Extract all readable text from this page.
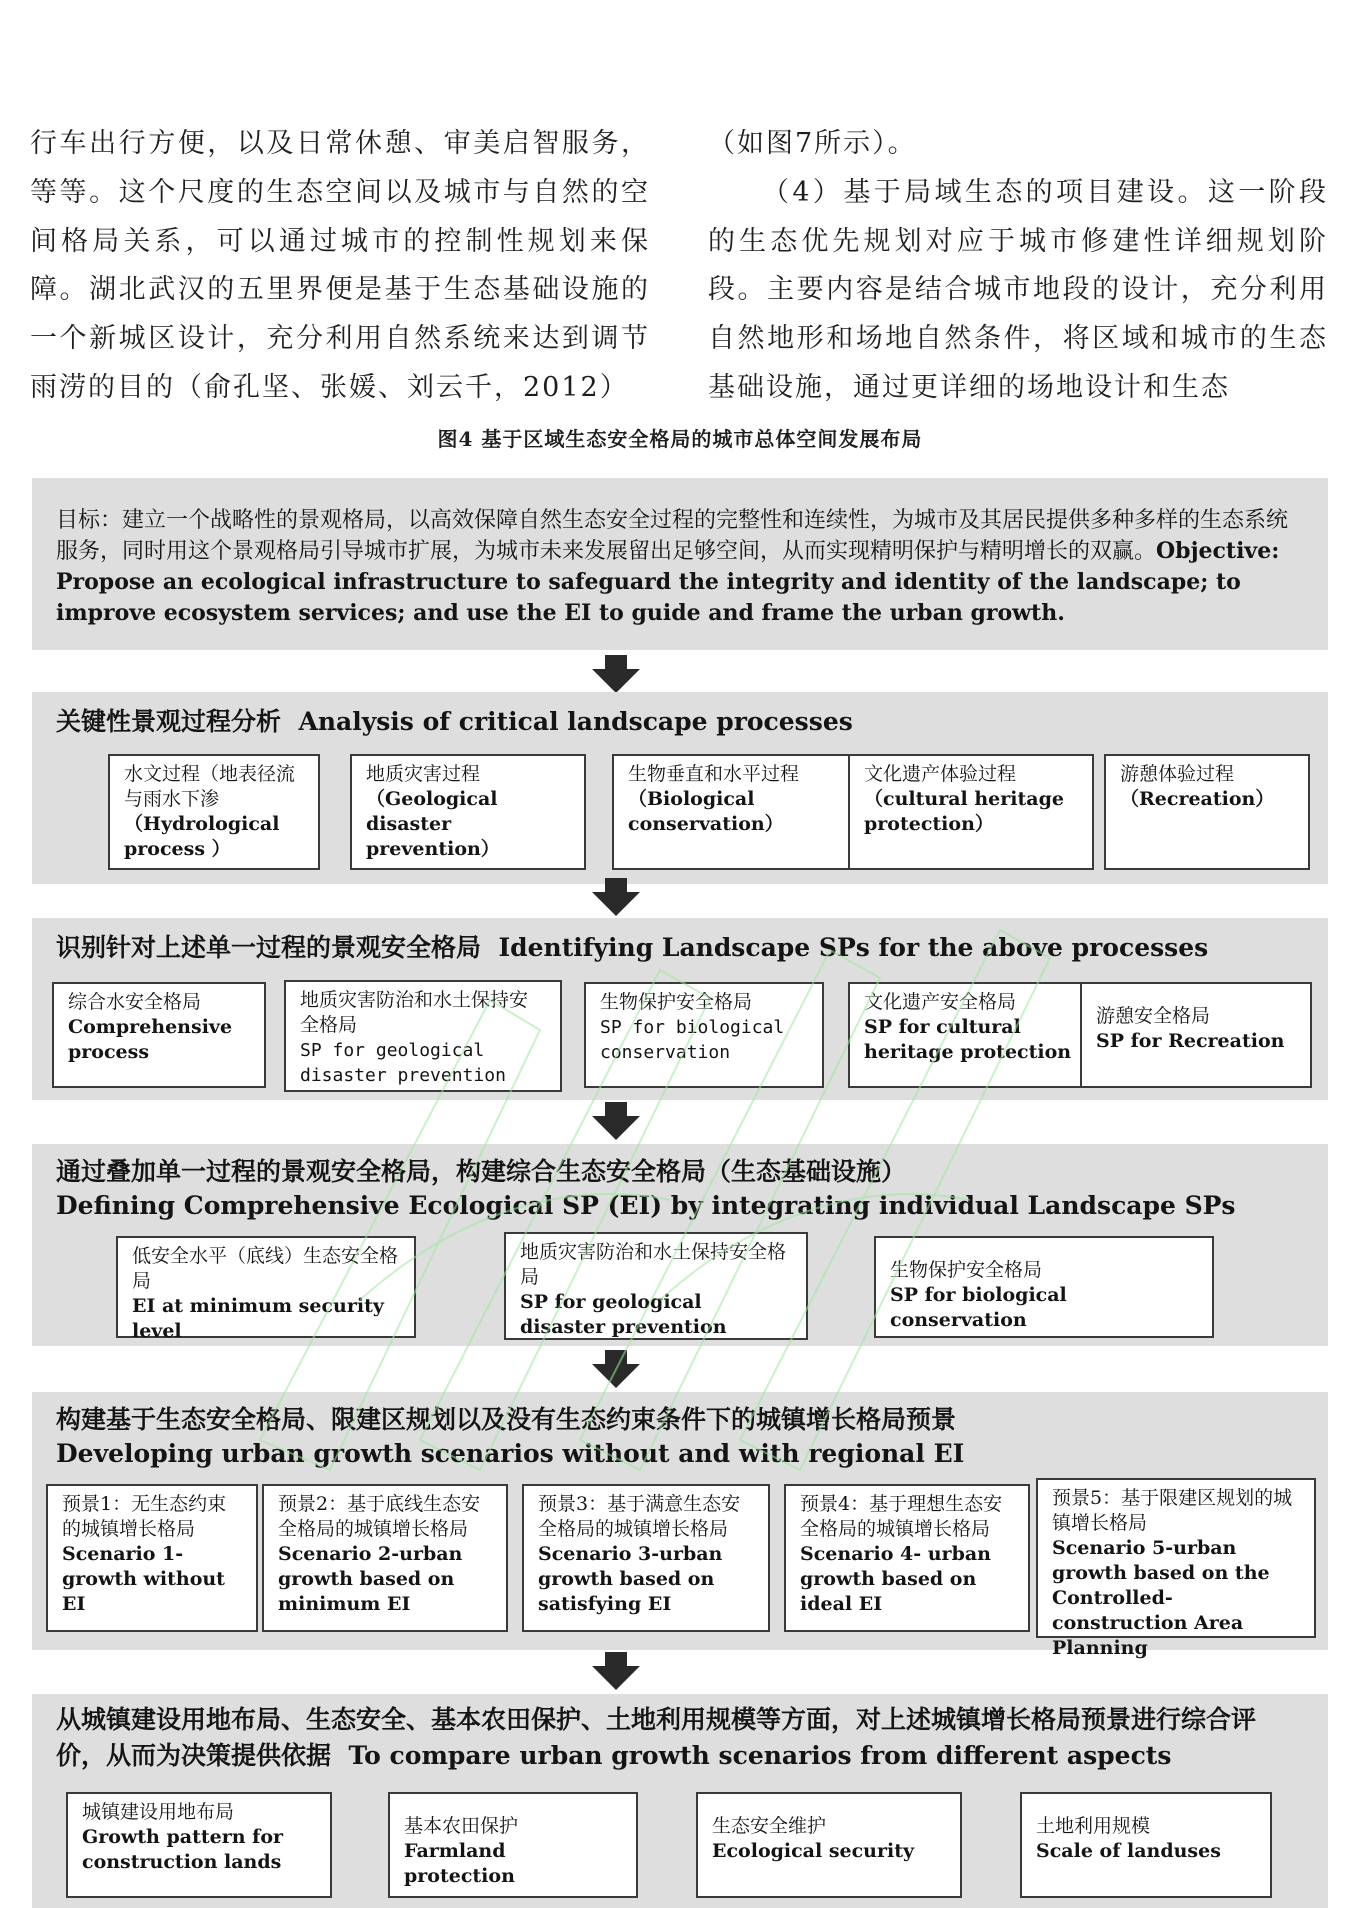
行车出行方便，以及日常休憩、审美启智服务，等等。这个尺度的生态空间以及城市与自然的空间格局关系，可以通过城市的控制性规划来保障。湖北武汉的五里界便是基于生态基础设施的一个新城区设计，充分利用自然系统来达到调节雨涝的目的（俞孔坚、张媛、刘云千，2012）

（如图7所示）。

（4）基于局域生态的项目建设。这一阶段的生态优先规划对应于城市修建性详细规划阶段。主要内容是结合城市地段的设计，充分利用自然地形和场地自然条件，将区域和城市的生态基础设施，通过更详细的场地设计和生态

图4 基于区域生态安全格局的城市总体空间发展布局
目标：建立一个战略性的景观格局，以高效保障自然生态安全过程的完整性和连续性，为城市及其居民提供多种多样的生态系统服务，同时用这个景观格局引导城市扩展，为城市未来发展留出足够空间，从而实现精明保护与精明增长的双赢。Objective: Propose an ecological infrastructure to safeguard the integrity and identity of the landscape; to improve ecosystem services; and use the EI to guide and frame the urban growth.
关键性景观过程分析 Analysis of critical landscape processes
水文过程（地表径流与雨水下渗（Hydrological process ）
地质灾害过程
（Geological disaster prevention）
生物垂直和水平过程（Biological conservation）
文化遗产体验过程
（cultural heritage protection）
游憩体验过程
（Recreation）
识别针对上述单一过程的景观安全格局 Identifying Landscape SPs for the above processes
综合水安全格局
Comprehensive process
地质灾害防治和水土保持安全格局
SP for geological disaster prevention
生物保护安全格局
SP for biological conservation
文化遗产安全格局
SP for cultural heritage protection
游憩安全格局
SP for Recreation
通过叠加单一过程的景观安全格局，构建综合生态安全格局（生态基础设施）
Defining Comprehensive Ecological SP (EI) by integrating individual Landscape SPs
低安全水平（底线）生态安全格局
EI at minimum security level
地质灾害防治和水土保持安全格局
SP for geological disaster prevention
生物保护安全格局
SP for biological conservation
构建基于生态安全格局、限建区规划以及没有生态约束条件下的城镇增长格局预景
Developing urban growth scenarios without and with regional EI
预景1：无生态约束的城镇增长格局Scenario 1-growth without EI
预景2：基于底线生态安全格局的城镇增长格局Scenario 2-urban growth based on minimum EI
预景3：基于满意生态安全格局的城镇增长格局Scenario 3-urban growth based on satisfying EI
预景4：基于理想生态安全格局的城镇增长格局Scenario 4- urban growth based on ideal EI
预景5：基于限建区规划的城镇增长格局
Scenario 5-urban growth based on the Controlled-construction Area Planning
从城镇建设用地布局、生态安全、基本农田保护、土地利用规模等方面，对上述城镇增长格局预景进行综合评价，从而为决策提供依据 To compare urban growth scenarios from different aspects
城镇建设用地布局
Growth pattern for construction lands
基本农田保护
Farmland protection
生态安全维护
Ecological security
土地利用规模
Scale of landuses
